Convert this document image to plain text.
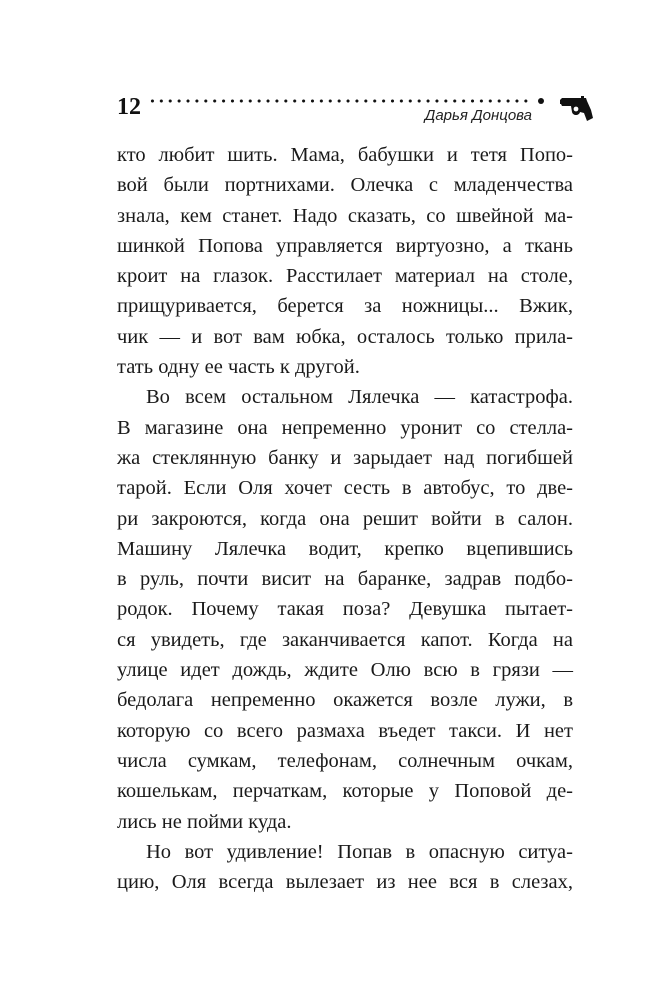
12	Дарья Донцова
кто любит шить. Мама, бабушки и тетя Попо-
вой были портнихами. Олечка с младенчества
знала, кем станет. Надо сказать, со швейной ма-
шинкой Попова управляется виртуозно, а ткань
кроит на глазок. Расстилает материал на столе,
прищуривается, берется за ножницы... Вжик,
чик — и вот вам юбка, осталось только прила-
тать одну ее часть к другой.
Во всем остальном Лялечка — катастрофа.
В магазине она непременно уронит со стелла-
жа стеклянную банку и зарыдает над погибшей
тарой. Если Оля хочет сесть в автобус, то две-
ри закроются, когда она решит войти в салон.
Машину Лялечка водит, крепко вцепившись
в руль, почти висит на баранке, задрав подбо-
родок. Почему такая поза? Девушка пытает-
ся увидеть, где заканчивается капот. Когда на
улице идет дождь, ждите Олю всю в грязи —
бедолага непременно окажется возле лужи, в
которую со всего размаха въедет такси. И нет
числа сумкам, телефонам, солнечным очкам,
кошелькам, перчаткам, которые у Поповой де-
лись не пойми куда.
Но вот удивление! Попав в опасную ситуа-
цию, Оля всегда вылезает из нее вся в слезах,
